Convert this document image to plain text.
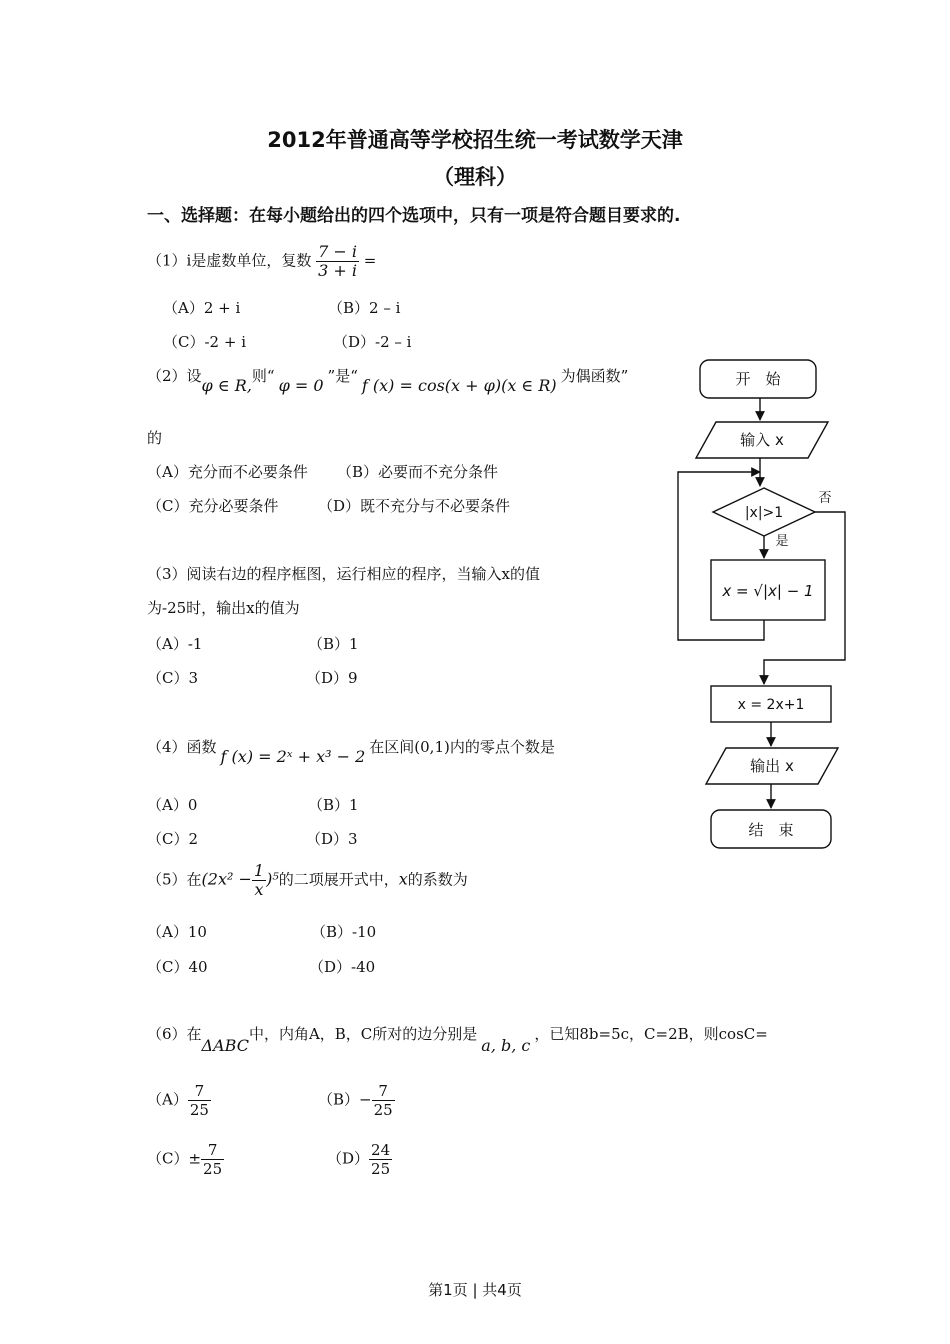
2012年普通高等学校招生统一考试数学天津
（理科）
一、选择题：在每小题给出的四个选项中，只有一项是符合题目要求的.
（1）i是虚数单位，复数 $\frac{7 - i}{3 + i}$ =
（A）2 + i	（B）2 – i
（C）-2 + i	（D）-2 – i
（2）设φ ∈ R,则“ φ = 0 ”是“ f (x) = cos(x + φ)(x ∈ R) 为偶函数”
的
（A）充分而不必要条件 （B）必要而不充分条件
（C）充分必要条件	（D）既不充分与不必要条件
（3）阅读右边的程序框图，运行相应的程序，当输入x的值
为-25时，输出x的值为
（A）-1	（B）1
（C）3	（D）9
（4）函数 f (x) = 2ˣ + x³ − 2 在区间(0,1)内的零点个数是
（A）0	（B）1
（C）2	（D）3
（5）在$(2x^2 - \frac{1}{x} )^5$的二项展开式中，x的系数为
（A）10	（B）-10
（C）40	（D）-40
（6）在ΔABC中，内角A，B，C所对的边分别是a, b, c，已知8b=5c，C=2B，则cosC=
$(A) \frac{7}{25}$	$(B)- \frac{7}{25}$
$(C)\pm \frac{7}{25}$	$(D) \frac{24}{25}$
开　始
输入 x
|x|>1
是
否
x = √|x| − 1
x = 2x+1
输出 x
结　束
第1页 | 共4页
